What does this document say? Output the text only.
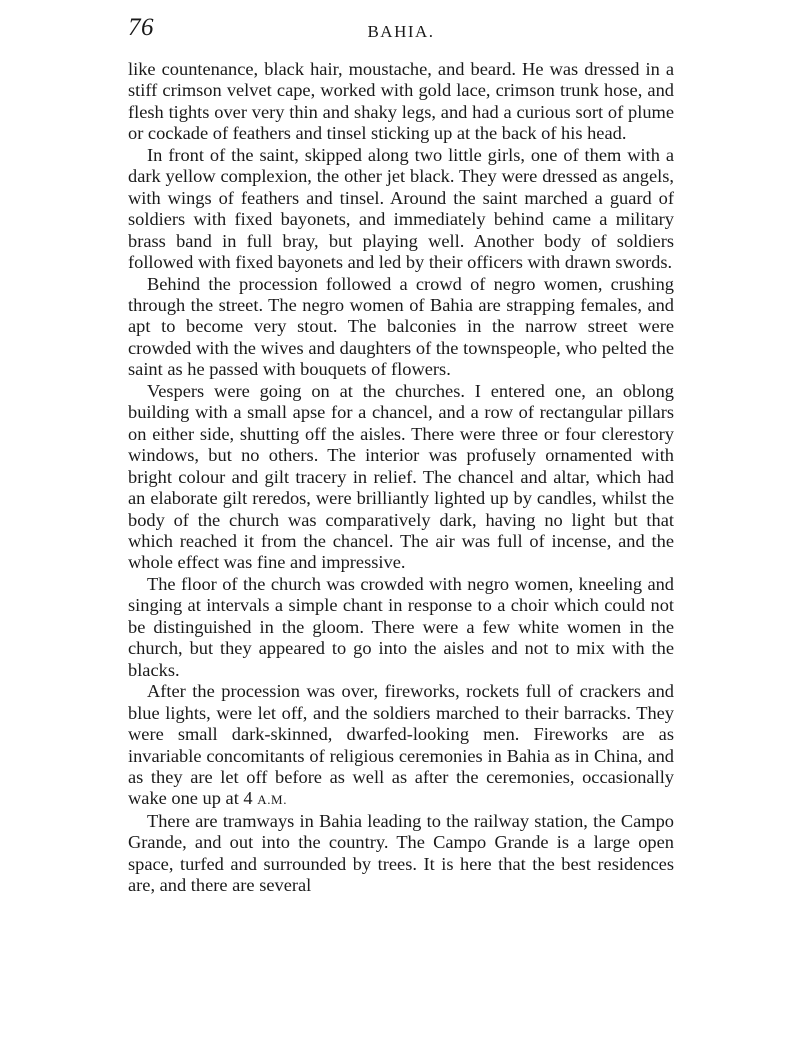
76	BAHIA.

like countenance, black hair, moustache, and beard. He was dressed in a stiff crimson velvet cape, worked with gold lace, crimson trunk hose, and flesh tights over very thin and shaky legs, and had a curious sort of plume or cockade of feathers and tinsel sticking up at the back of his head.

In front of the saint, skipped along two little girls, one of them with a dark yellow complexion, the other jet black. They were dressed as angels, with wings of feathers and tinsel. Around the saint marched a guard of soldiers with fixed bayonets, and immediately behind came a military brass band in full bray, but playing well. Another body of soldiers followed with fixed bayonets and led by their officers with drawn swords.

Behind the procession followed a crowd of negro women, crushing through the street. The negro women of Bahia are strapping females, and apt to become very stout. The balconies in the narrow street were crowded with the wives and daughters of the townspeople, who pelted the saint as he passed with bouquets of flowers.

Vespers were going on at the churches. I entered one, an oblong building with a small apse for a chancel, and a row of rectangular pillars on either side, shutting off the aisles. There were three or four clerestory windows, but no others. The interior was profusely ornamented with bright colour and gilt tracery in relief. The chancel and altar, which had an elaborate gilt reredos, were brilliantly lighted up by candles, whilst the body of the church was comparatively dark, having no light but that which reached it from the chancel. The air was full of incense, and the whole effect was fine and impressive.

The floor of the church was crowded with negro women, kneeling and singing at intervals a simple chant in response to a choir which could not be distinguished in the gloom. There were a few white women in the church, but they appeared to go into the aisles and not to mix with the blacks.

After the procession was over, fireworks, rockets full of crackers and blue lights, were let off, and the soldiers marched to their barracks. They were small dark-skinned, dwarfed-looking men. Fireworks are as invariable concomitants of religious ceremonies in Bahia as in China, and as they are let off before as well as after the ceremonies, occasionally wake one up at 4 A.M.

There are tramways in Bahia leading to the railway station, the Campo Grande, and out into the country. The Campo Grande is a large open space, turfed and surrounded by trees. It is here that the best residences are, and there are several
